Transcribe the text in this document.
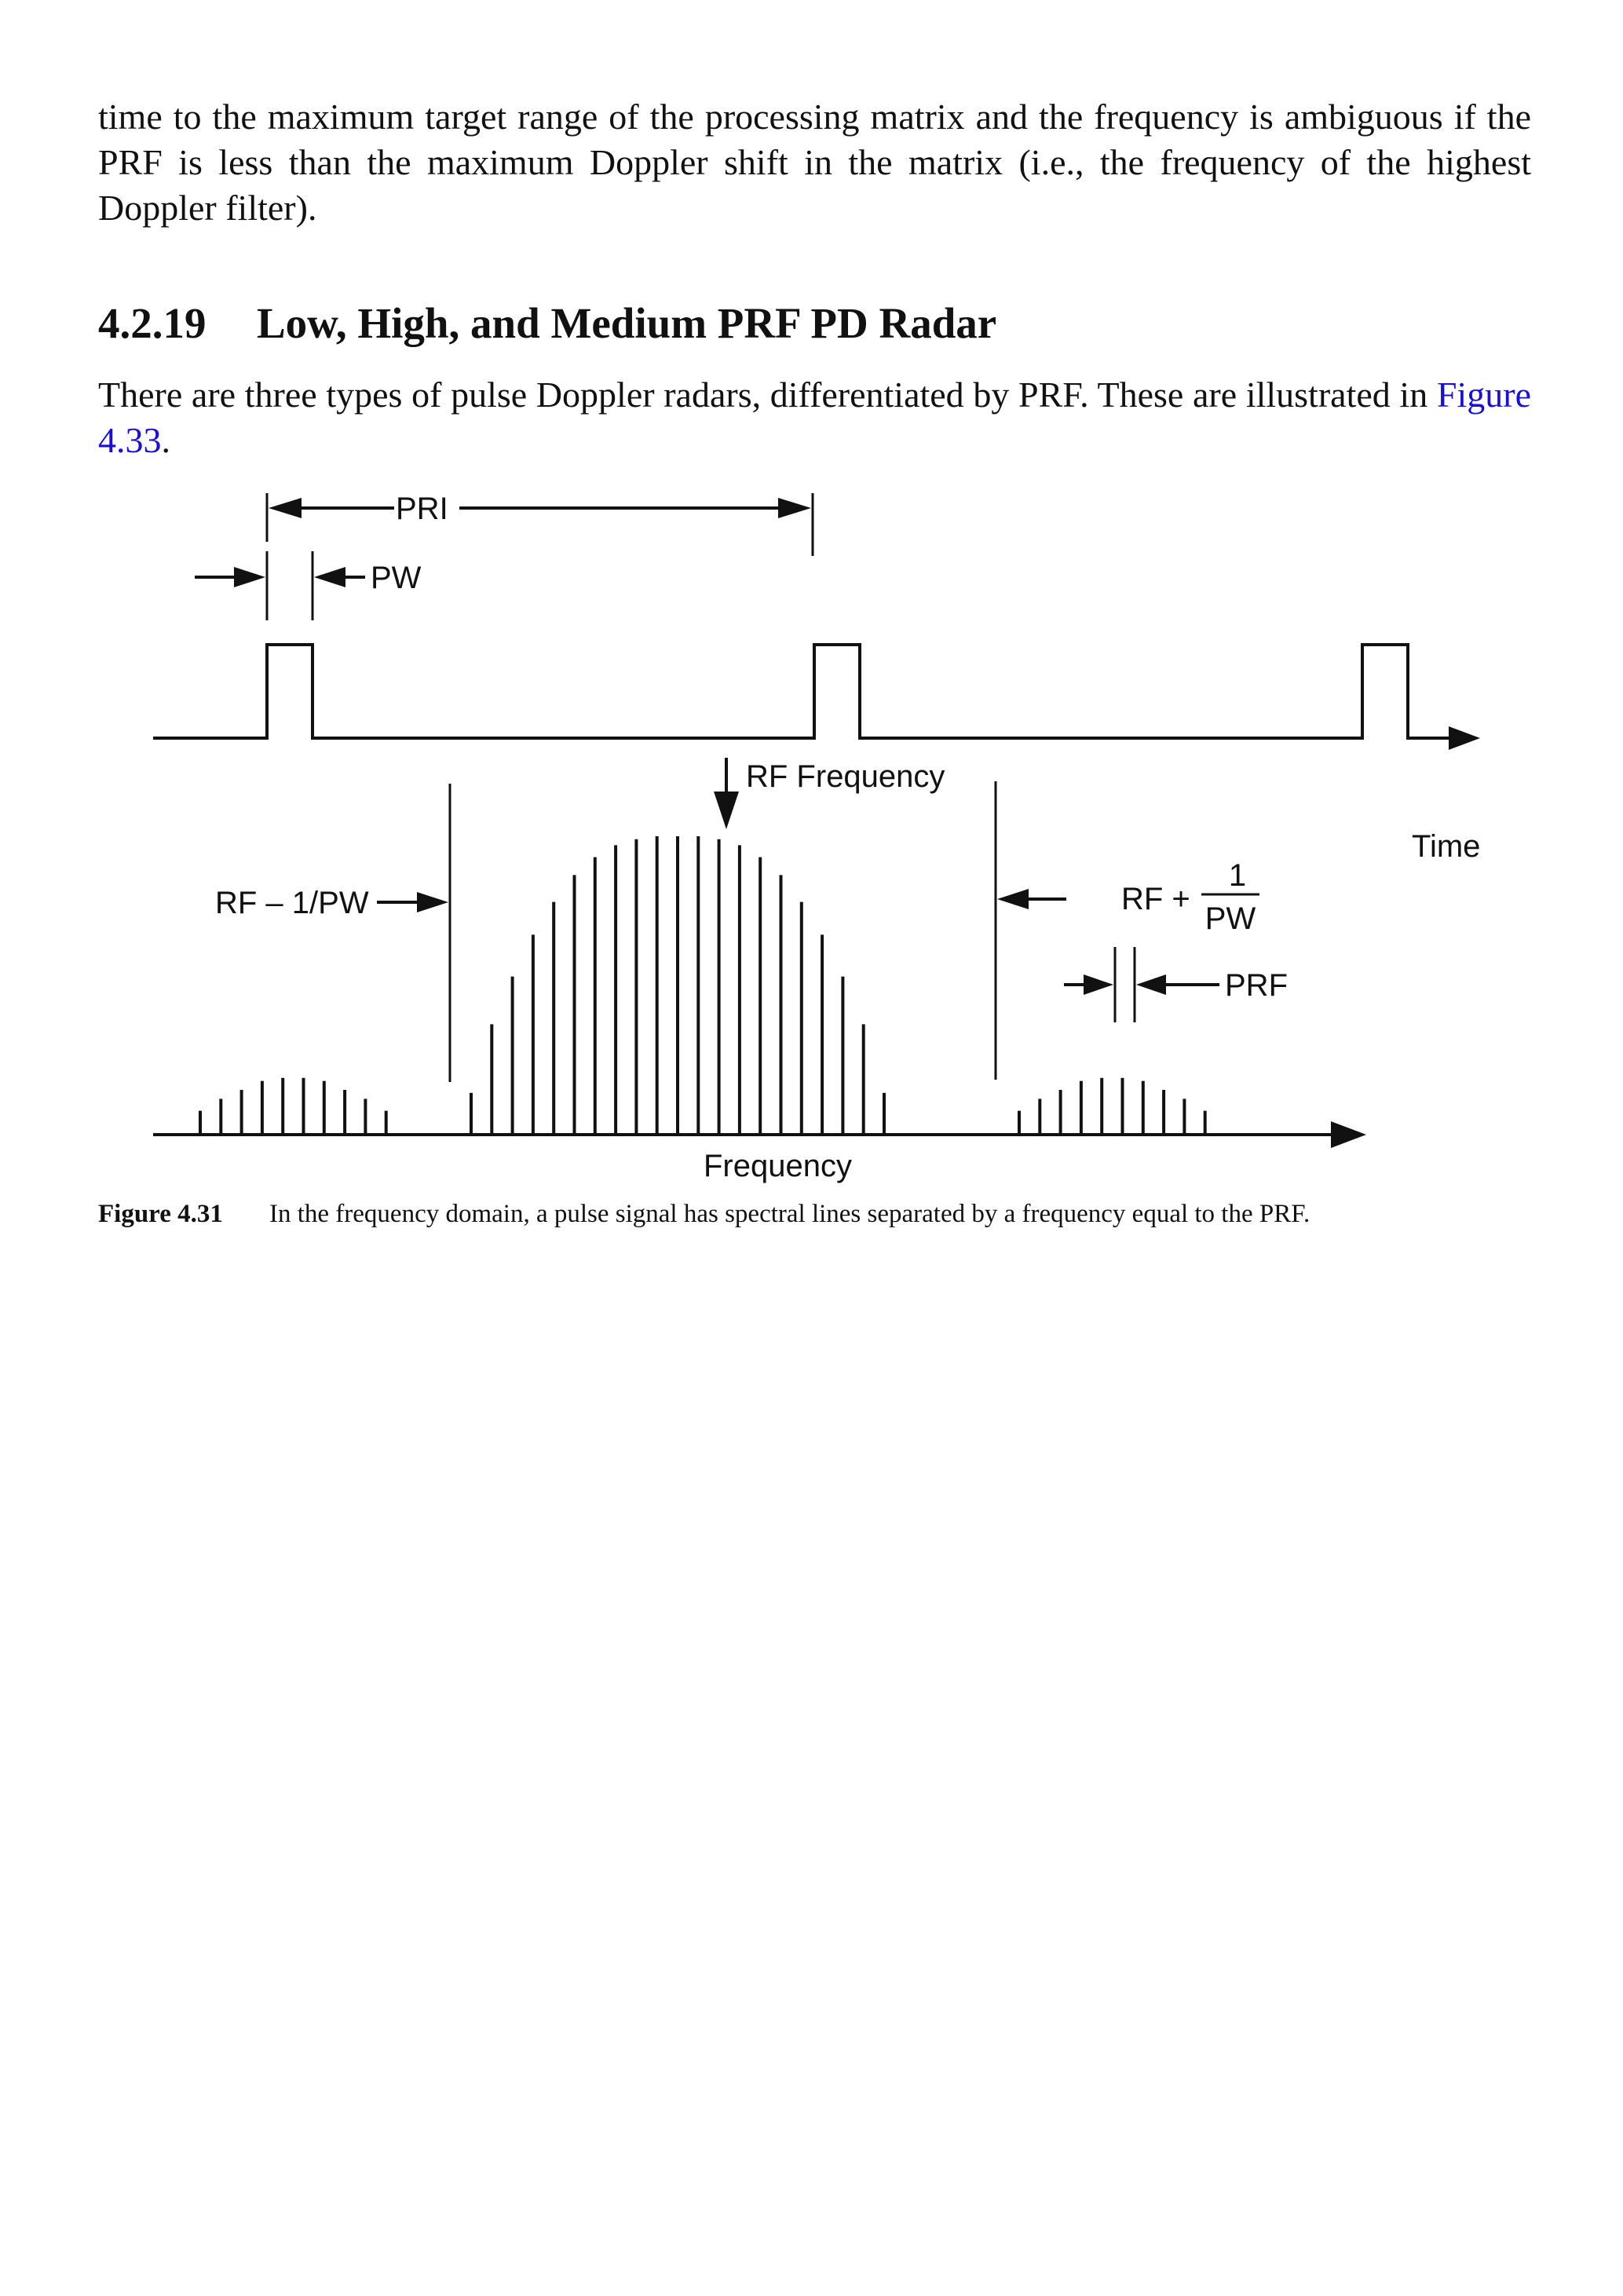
time to the maximum target range of the processing matrix and the frequency is ambiguous if the PRF is less than the maximum Doppler shift in the matrix (i.e., the frequency of the highest Doppler filter).

4.2.19 Low, High, and Medium PRF PD Radar

There are three types of pulse Doppler radars, differentiated by PRF. These are illustrated in Figure 4.33.

PRI
PW
Time
RF Frequency
RF – 1/PW	RF +
1
PW
PRF
Frequency

Figure 4.31 In the frequency domain, a pulse signal has spectral lines separated by a frequency equal to the PRF.
